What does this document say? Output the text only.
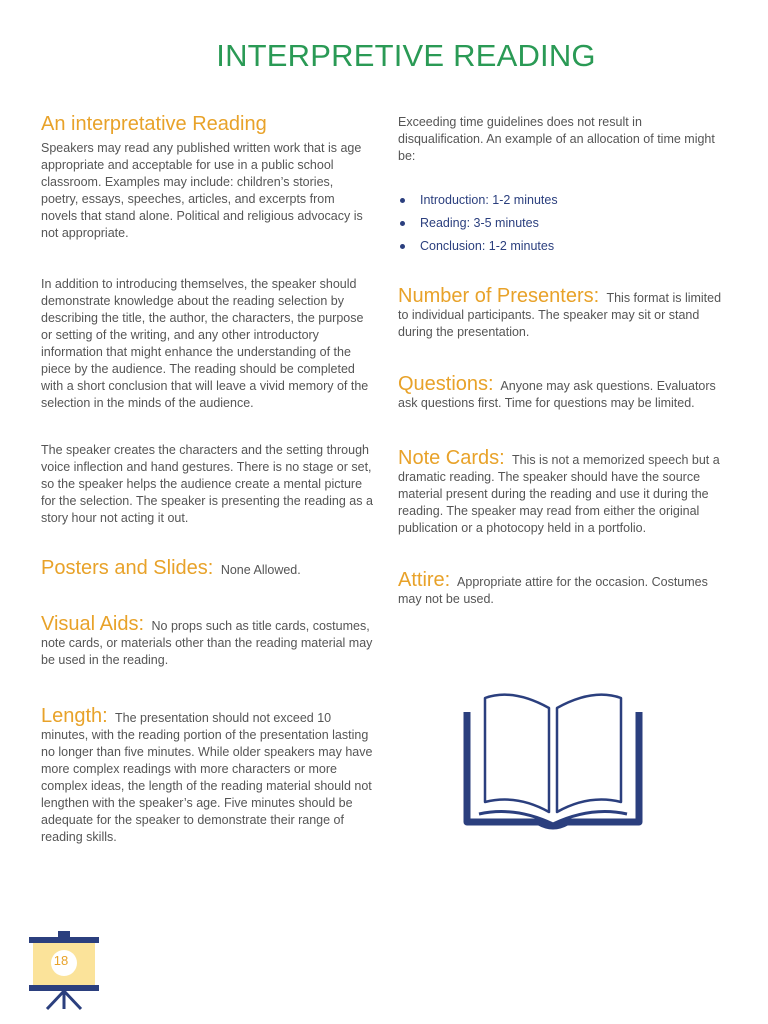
INTERPRETIVE READING
An interpretative Reading

Speakers may read any published written work that is age appropriate and acceptable for use in a public school classroom. Examples may include: children’s stories, poetry, essays, speeches, articles, and excerpts from novels that stand alone. Political and religious advocacy is not appropriate.

In addition to introducing themselves, the speaker should demonstrate knowledge about the reading selection by describing the title, the author, the characters, the purpose or setting of the writing, and any other introductory information that might enhance the understanding of the piece by the audience. The reading should be completed with a short conclusion that will leave a vivid memory of the selection in the minds of the audience.

The speaker creates the characters and the setting through voice inflection and hand gestures. There is no stage or set, so the speaker helps the audience create a mental picture for the selection. The speaker is presenting the reading as a story hour not acting it out.

Posters and Slides: None Allowed.

Visual Aids: No props such as title cards, costumes, note cards, or materials other than the reading material may be used in the reading.

Length: The presentation should not exceed 10 minutes, with the reading portion of the presentation lasting no longer than five minutes. While older speakers may have more complex readings with more characters or more complex ideas, the length of the reading material should not lengthen with the speaker’s age. Five minutes should be adequate for the speaker to demonstrate their range of reading skills.

Exceeding time guidelines does not result in disqualification. An example of an allocation of time might be:

Introduction: 1-2 minutes
Reading: 3-5 minutes
Conclusion: 1-2 minutes

Number of Presenters: This format is limited to individual participants. The speaker may sit or stand during the presentation.

Questions: Anyone may ask questions. Evaluators ask questions first. Time for questions may be limited.

Note Cards: This is not a memorized speech but a dramatic reading. The speaker should have the source material present during the reading and use it during the reading. The speaker may read from either the original publication or a photocopy held in a portfolio.

Attire: Appropriate attire for the occasion. Costumes may not be used.

18
